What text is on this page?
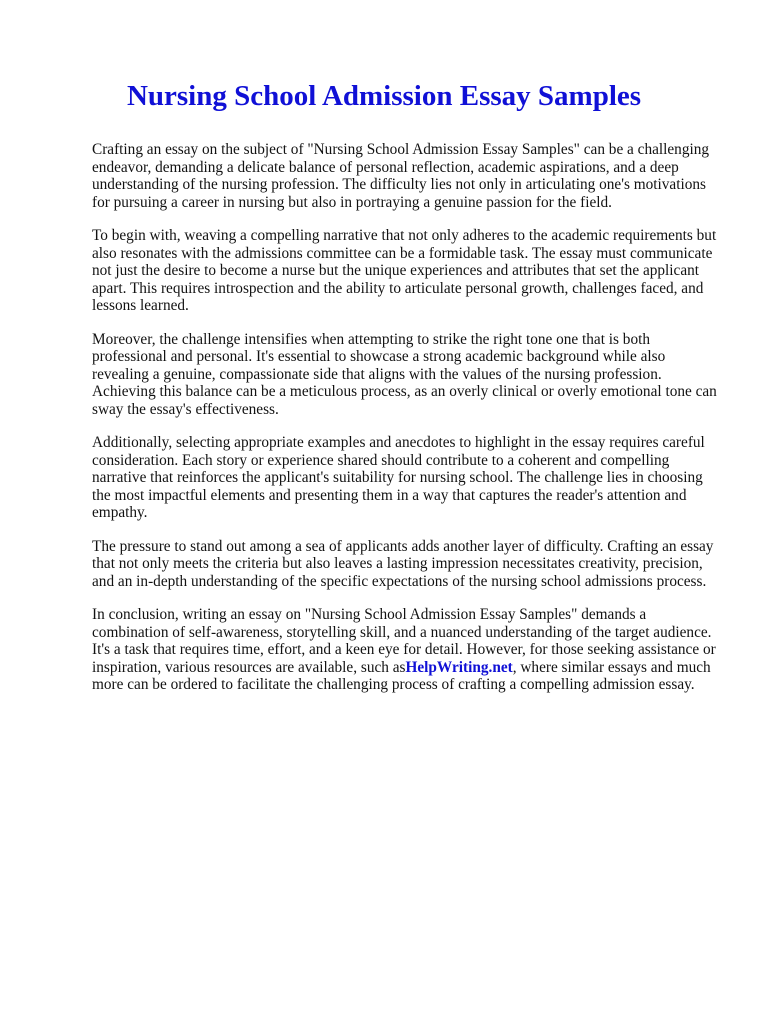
Nursing School Admission Essay Samples

Crafting an essay on the subject of "Nursing School Admission Essay Samples" can be a challenging endeavor, demanding a delicate balance of personal reflection, academic aspirations, and a deep understanding of the nursing profession. The difficulty lies not only in articulating one's motivations for pursuing a career in nursing but also in portraying a genuine passion for the field.

To begin with, weaving a compelling narrative that not only adheres to the academic requirements but also resonates with the admissions committee can be a formidable task. The essay must communicate not just the desire to become a nurse but the unique experiences and attributes that set the applicant apart. This requires introspection and the ability to articulate personal growth, challenges faced, and lessons learned.

Moreover, the challenge intensifies when attempting to strike the right tone one that is both professional and personal. It's essential to showcase a strong academic background while also revealing a genuine, compassionate side that aligns with the values of the nursing profession. Achieving this balance can be a meticulous process, as an overly clinical or overly emotional tone can sway the essay's effectiveness.

Additionally, selecting appropriate examples and anecdotes to highlight in the essay requires careful consideration. Each story or experience shared should contribute to a coherent and compelling narrative that reinforces the applicant's suitability for nursing school. The challenge lies in choosing the most impactful elements and presenting them in a way that captures the reader's attention and empathy.

The pressure to stand out among a sea of applicants adds another layer of difficulty. Crafting an essay that not only meets the criteria but also leaves a lasting impression necessitates creativity, precision, and an in-depth understanding of the specific expectations of the nursing school admissions process.

In conclusion, writing an essay on "Nursing School Admission Essay Samples" demands a combination of self-awareness, storytelling skill, and a nuanced understanding of the target audience. It's a task that requires time, effort, and a keen eye for detail. However, for those seeking assistance or inspiration, various resources are available, such asHelpWriting.net, where similar essays and much more can be ordered to facilitate the challenging process of crafting a compelling admission essay.
